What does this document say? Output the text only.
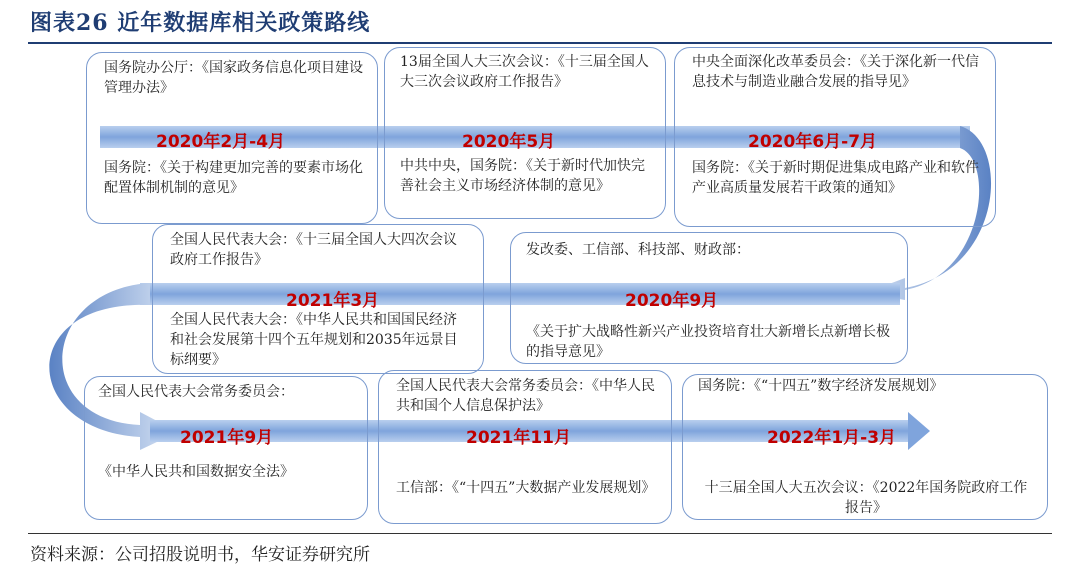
图表26 近年数据库相关政策路线
国务院办公厅：《国家政务信息化项目建设管理办法》
2020年2月-4月
国务院：《关于构建更加完善的要素市场化配置体制机制的意见》
13届全国人大三次会议：《十三届全国人大三次会议政府工作报告》
2020年5月
中共中央，国务院：《关于新时代加快完善社会主义市场经济体制的意见》
中央全面深化改革委员会：《关于深化新一代信息技术与制造业融合发展的指导见》
2020年6月-7月
国务院：《关于新时期促进集成电路产业和软件产业高质量发展若干政策的通知》
全国人民代表大会：《十三届全国人大四次会议政府工作报告》
2021年3月
全国人民代表大会：《中华人民共和国国民经济和社会发展第十四个五年规划和2035年远景目标纲要》
发改委、工信部、科技部、财政部：
2020年9月
《关于扩大战略性新兴产业投资培育壮大新增长点新增长极的指导意见》
全国人民代表大会常务委员会：
2021年9月
《中华人民共和国数据安全法》
全国人民代表大会常务委员会：《中华人民共和国个人信息保护法》
2021年11月
工信部：《“十四五”大数据产业发展规划》
国务院：《“十四五”数字经济发展规划》
2022年1月-3月
十三届全国人大五次会议：《2022年国务院政府工作报告》
资料来源：公司招股说明书，华安证券研究所
